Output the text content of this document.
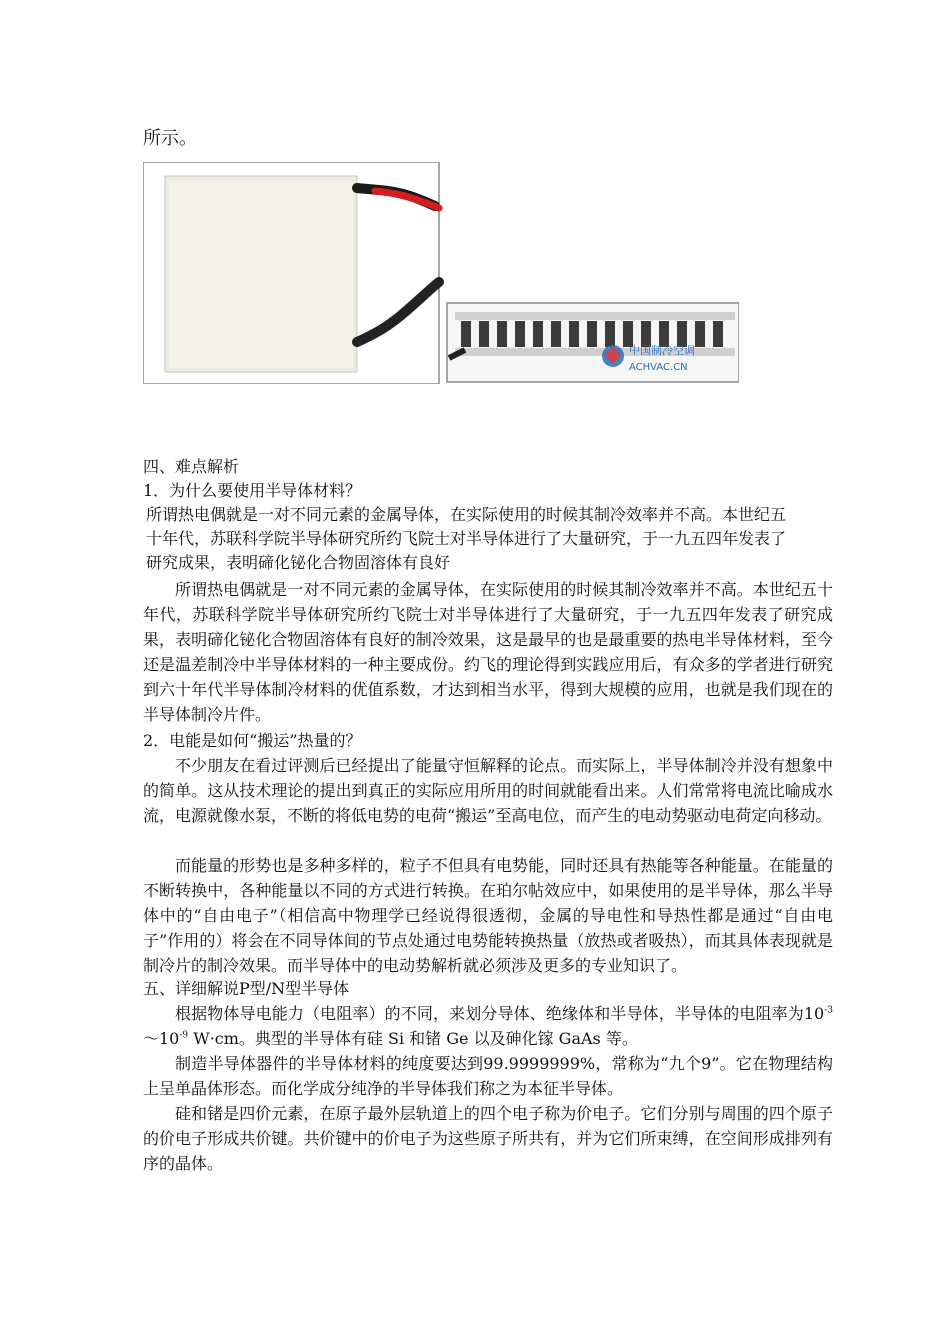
所示。
中国制冷空调
ACHVAC.CN
四、难点解析
1．为什么要使用半导体材料？
所谓热电偶就是一对不同元素的金属导体，在实际使用的时候其制冷效率并不高。本世纪五
十年代，苏联科学院半导体研究所约飞院士对半导体进行了大量研究，于一九五四年发表了
研究成果，表明碲化铋化合物固溶体有良好
所谓热电偶就是一对不同元素的金属导体，在实际使用的时候其制冷效率并不高。本世纪五十年代，苏联科学院半导体研究所约飞院士对半导体进行了大量研究，于一九五四年发表了研究成果，表明碲化铋化合物固溶体有良好的制冷效果，这是最早的也是最重要的热电半导体材料，至今还是温差制冷中半导体材料的一种主要成份。约飞的理论得到实践应用后，有众多的学者进行研究到六十年代半导体制冷材料的优值系数，才达到相当水平，得到大规模的应用，也就是我们现在的半导体制冷片件。
2．电能是如何“搬运”热量的？
不少朋友在看过评测后已经提出了能量守恒解释的论点。而实际上，半导体制冷并没有想象中的简单。这从技术理论的提出到真正的实际应用所用的时间就能看出来。人们常常将电流比喻成水流，电源就像水泵，不断的将低电势的电荷“搬运”至高电位，而产生的电动势驱动电荷定向移动。
而能量的形势也是多种多样的，粒子不但具有电势能，同时还具有热能等各种能量。在能量的不断转换中，各种能量以不同的方式进行转换。在珀尔帖效应中，如果使用的是半导体，那么半导体中的“自由电子”（相信高中物理学已经说得很透彻，金属的导电性和导热性都是通过“自由电子”作用的）将会在不同导体间的节点处通过电势能转换热量（放热或者吸热），而其具体表现就是制冷片的制冷效果。而半导体中的电动势解析就必须涉及更多的专业知识了。
五、详细解说P型/N型半导体
根据物体导电能力（电阻率）的不同，来划分导体、绝缘体和半导体，半导体的电阻率为$10^{-3}\sim 10^{-9}$ W·cm。典型的半导体有硅 Si 和锗 Ge 以及砷化镓 GaAs 等。
制造半导体器件的半导体材料的纯度要达到99.9999999%，常称为“九个9”。它在物理结构上呈单晶体形态。而化学成分纯净的半导体我们称之为本征半导体。
硅和锗是四价元素，在原子最外层轨道上的四个电子称为价电子。它们分别与周围的四个原子的价电子形成共价键。共价键中的价电子为这些原子所共有，并为它们所束缚，在空间形成排列有序的晶体。
